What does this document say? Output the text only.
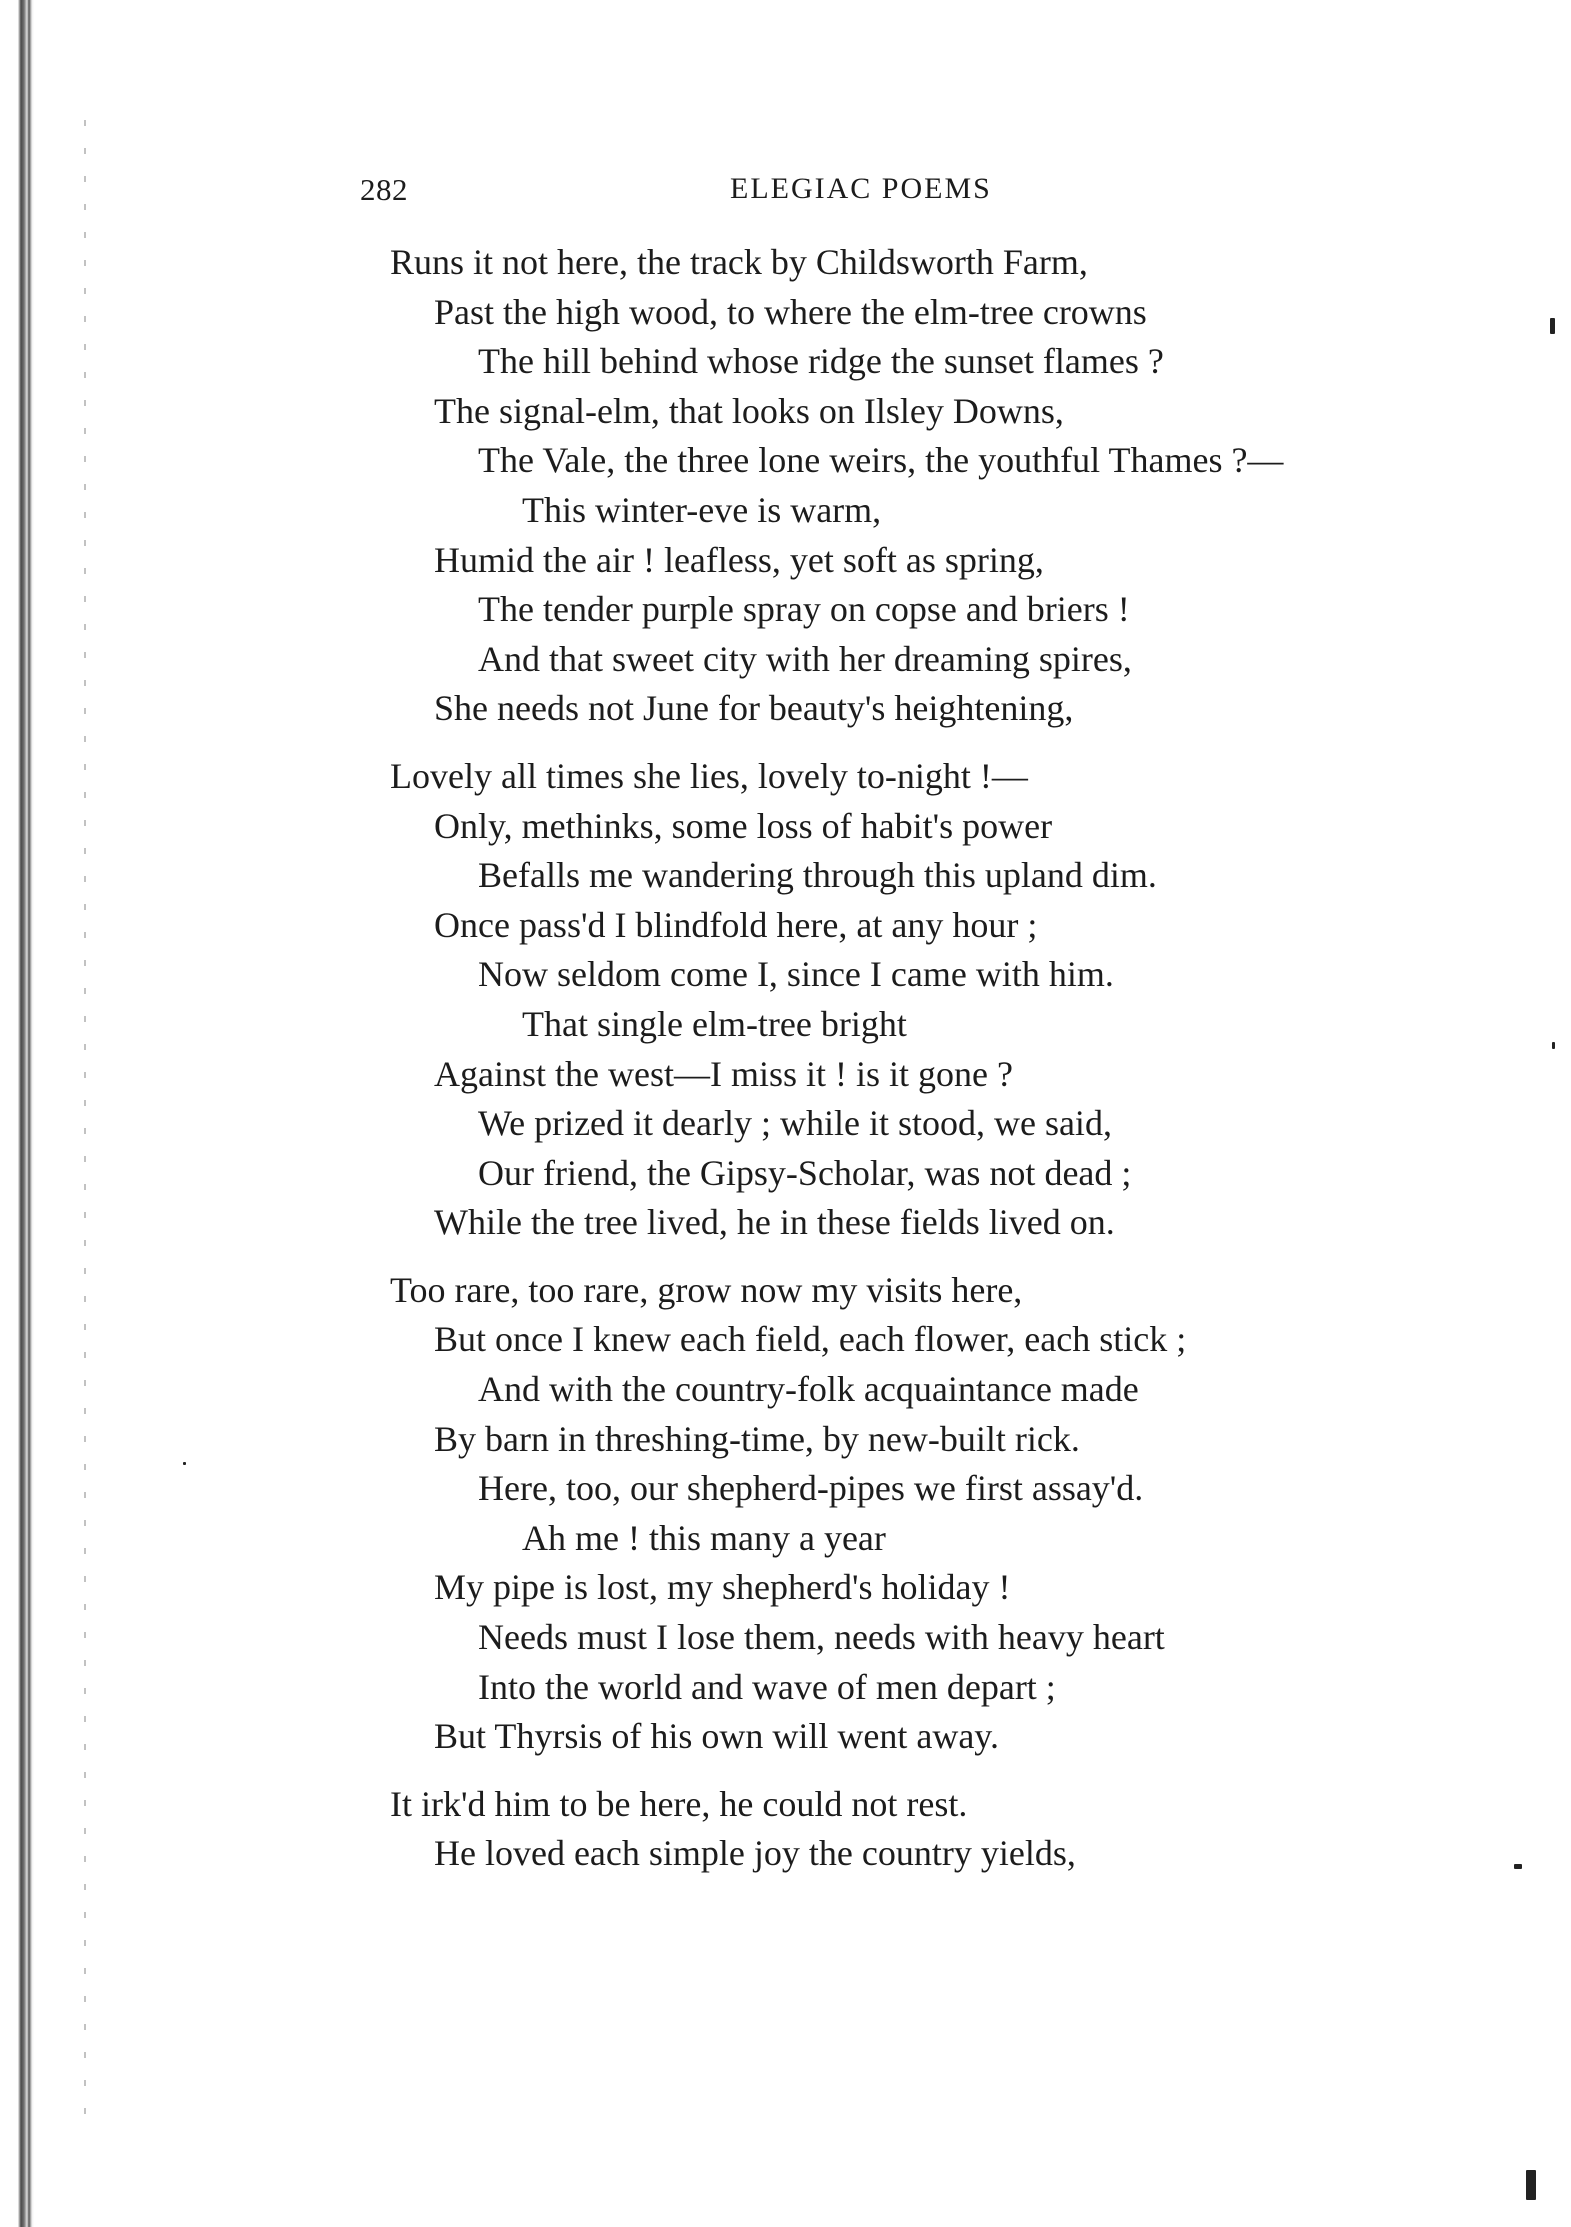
282	ELEGIAC POEMS
Runs it not here, the track by Childsworth Farm,
Past the high wood, to where the elm-tree crowns
The hill behind whose ridge the sunset flames ?
The signal-elm, that looks on Ilsley Downs,
The Vale, the three lone weirs, the youthful Thames ?—
This winter-eve is warm,
Humid the air ! leafless, yet soft as spring,
The tender purple spray on copse and briers !
And that sweet city with her dreaming spires,
She needs not June for beauty's heightening,
Lovely all times she lies, lovely to-night !—
Only, methinks, some loss of habit's power
Befalls me wandering through this upland dim.
Once pass'd I blindfold here, at any hour ;
Now seldom come I, since I came with him.
That single elm-tree bright
Against the west—I miss it ! is it gone ?
We prized it dearly ; while it stood, we said,
Our friend, the Gipsy-Scholar, was not dead ;
While the tree lived, he in these fields lived on.
Too rare, too rare, grow now my visits here,
But once I knew each field, each flower, each stick ;
And with the country-folk acquaintance made
By barn in threshing-time, by new-built rick.
Here, too, our shepherd-pipes we first assay'd.
Ah me ! this many a year
My pipe is lost, my shepherd's holiday !
Needs must I lose them, needs with heavy heart
Into the world and wave of men depart ;
But Thyrsis of his own will went away.
It irk'd him to be here, he could not rest.
He loved each simple joy the country yields,
